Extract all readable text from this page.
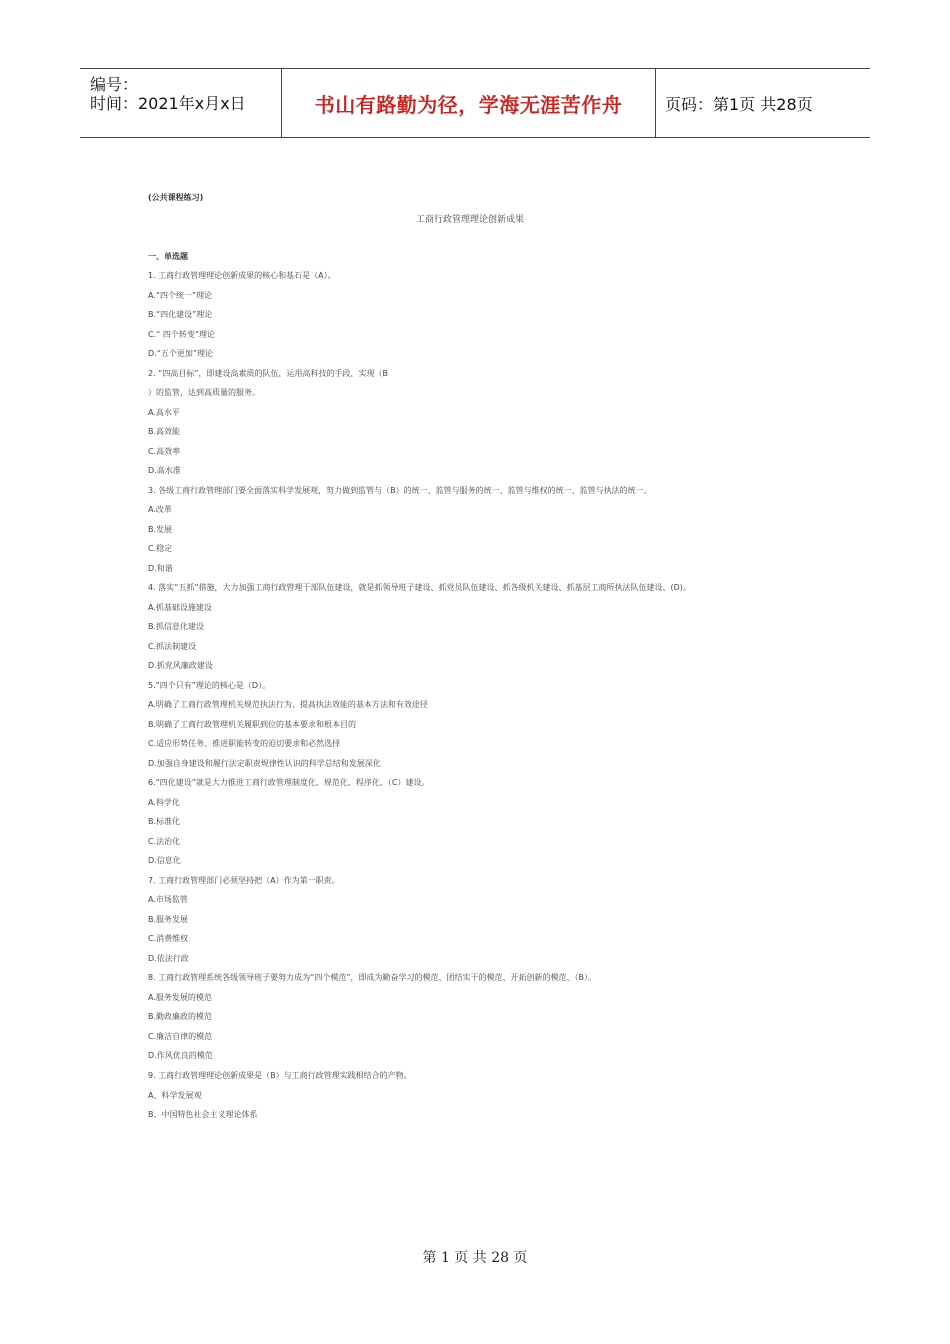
编号：
时间：2021年x月x日	书山有路勤为径，学海无涯苦作舟	页码：第1页 共28页
(公共课程练习)
工商行政管理理论创新成果
一、单选题
1. 工商行政管理理论创新成果的核心和基石是（A）。
A.“四个统一”理论
B.“四化建设”理论
C.“ 四个转变”理论
D.“五个更加”理论
2. “四高目标”，即建设高素质的队伍，运用高科技的手段，实现（B
）的监管，达到高质量的服务。
A.高水平
B.高效能
C.高效率
D.高水准
3. 各级工商行政管理部门要全面落实科学发展观，努力做到监管与（B）的统一、监管与服务的统一、监管与维权的统一、监管与执法的统一。
A.改革
B.发展
C.稳定
D.和谐
4. 落实“五抓”措施，大力加强工商行政管理干部队伍建设，就是抓领导班子建设、抓党员队伍建设、抓各级机关建设、抓基层工商所执法队伍建设、(D)。
A.抓基础设施建设
B.抓信息化建设
C.抓法制建设
D.抓党风廉政建设
5.“四个只有”理论的核心是（D）。
A.明确了工商行政管理机关规范执法行为、提高执法效能的基本方法和有效途径
B.明确了工商行政管理机关履职到位的基本要求和根本目的
C.适应形势任务、推进职能转变的迫切要求和必然选择
D.加强自身建设和履行法定职责规律性认识的科学总结和发展深化
6.“四化建设”就是大力推进工商行政管理制度化、规范化、程序化、（C）建设。
A.科学化
B.标准化
C.法治化
D.信息化
7. 工商行政管理部门必须坚持把（A）作为第一职责。
A.市场监管
B.服务发展
C.消费维权
D.依法行政
8. 工商行政管理系统各级领导班子要努力成为“四个模范”，即成为勤奋学习的模范、团结实干的模范、开拓创新的模范、（B）。
A.服务发展的模范
B.勤政廉政的模范
C.廉洁自律的模范
D.作风优良的模范
9. 工商行政管理理论创新成果是（B）与工商行政管理实践相结合的产物。
A、科学发展观
B、中国特色社会主义理论体系
第 1 页 共 28 页
